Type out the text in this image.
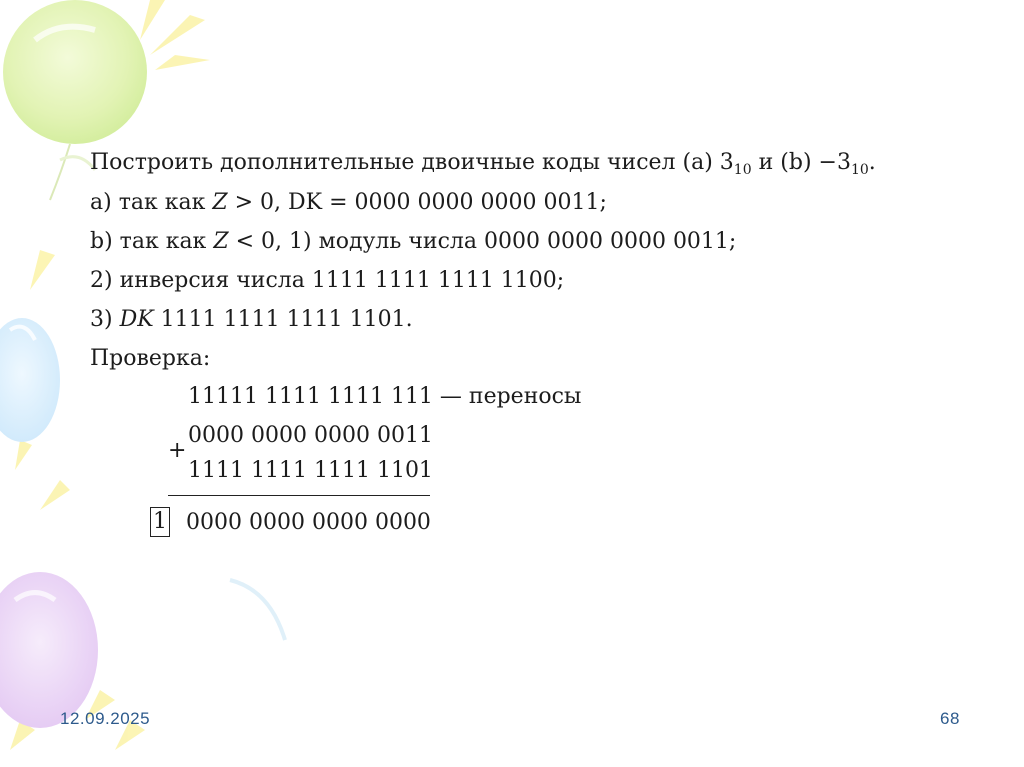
Построить дополнительные двоичные коды чисел (a) $3_{10}$ и $(b) -3_{10}$.
a) так как Z > 0, DK = 0000 0000 0000 0011;
b) так как Z < 0, 1) модуль числа 0000 0000 0000 0011;
2) инверсия числа 1111 1111 1111 1100;
3) DK 1111 1111 1111 1101.
Проверка:
11111 1111 1111 111 — переносы
0000 0000 0000 0011
+
1111 1111 1111 1101
1 0000 0000 0000 0000
12.09.2025	68
